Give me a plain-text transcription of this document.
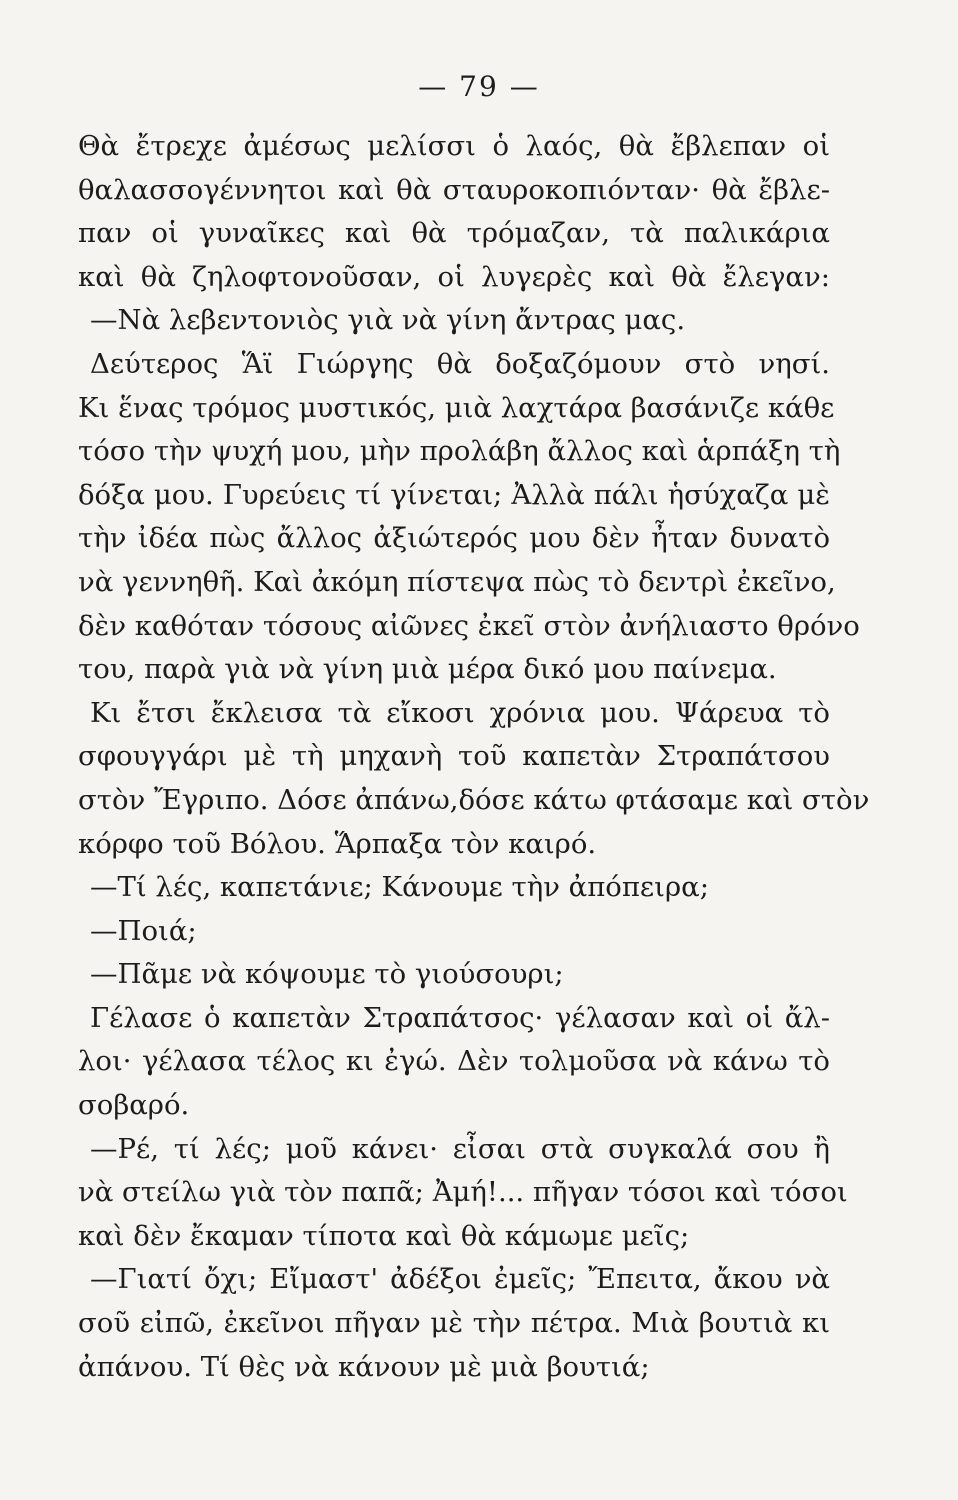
— 79 —
Θὰ ἔτρεχε ἀμέσως μελίσσι ὁ λαός, θὰ ἔβλεπαν οἱ
θαλασσογέννητοι καὶ θὰ σταυροκοπιόνταν· θὰ ἔβλε-
παν οἱ γυναῖκες καὶ θὰ τρόμαζαν, τὰ παλικάρια
καὶ θὰ ζηλοφτονοῦσαν, οἱ λυγερὲς καὶ θὰ ἔλεγαν:
—Νὰ λεβεντονιὸς γιὰ νὰ γίνη ἄντρας μας.
Δεύτερος Ἅϊ Γιώργης θὰ δοξαζόμουν στὸ νησί.
Κι ἕνας τρόμος μυστικός, μιὰ λαχτάρα βασάνιζε κάθε
τόσο τὴν ψυχή μου, μὴν προλάβη ἄλλος καὶ ἁρπάξη τὴ
δόξα μου. Γυρεύεις τί γίνεται; Ἀλλὰ πάλι ἡσύχαζα μὲ
τὴν ἰδέα πὼς ἄλλος ἀξιώτερός μου δὲν ἦταν δυνατὸ
νὰ γεννηθῆ. Καὶ ἀκόμη πίστεψα πὼς τὸ δεντρὶ ἐκεῖνο,
δὲν καθόταν τόσους αἰῶνες ἐκεῖ στὸν ἀνήλιαστο θρόνο
του, παρὰ γιὰ νὰ γίνη μιὰ μέρα δικό μου παίνεμα.
Κι ἔτσι ἔκλεισα τὰ εἴκοσι χρόνια μου. Ψάρευα τὸ
σφουγγάρι μὲ τὴ μηχανὴ τοῦ καπετὰν Στραπάτσου
στὸν Ἔγριπο. Δόσε ἀπάνω,δόσε κάτω φτάσαμε καὶ στὸν
κόρφο τοῦ Βόλου. Ἅρπαξα τὸν καιρό.
—Τί λές, καπετάνιε; Κάνουμε τὴν ἀπόπειρα;
—Ποιά;
—Πᾶμε νὰ κόψουμε τὸ γιούσουρι;
Γέλασε ὁ καπετὰν Στραπάτσος· γέλασαν καὶ οἱ ἄλ-
λοι· γέλασα τέλος κι ἐγώ. Δὲν τολμοῦσα νὰ κάνω τὸ
σοβαρό.
—Ρέ, τί λές; μοῦ κάνει· εἶσαι στὰ συγκαλά σου ἢ
νὰ στείλω γιὰ τὸν παπᾶ; Ἀμή!... πῆγαν τόσοι καὶ τόσοι
καὶ δὲν ἔκαμαν τίποτα καὶ θὰ κάμωμε μεῖς;
—Γιατί ὄχι; Εἴμαστ' ἀδέξοι ἐμεῖς; Ἔπειτα, ἄκου νὰ
σοῦ εἰπῶ, ἐκεῖνοι πῆγαν μὲ τὴν πέτρα. Μιὰ βουτιὰ κι
ἀπάνου. Τί θὲς νὰ κάνουν μὲ μιὰ βουτιά;
